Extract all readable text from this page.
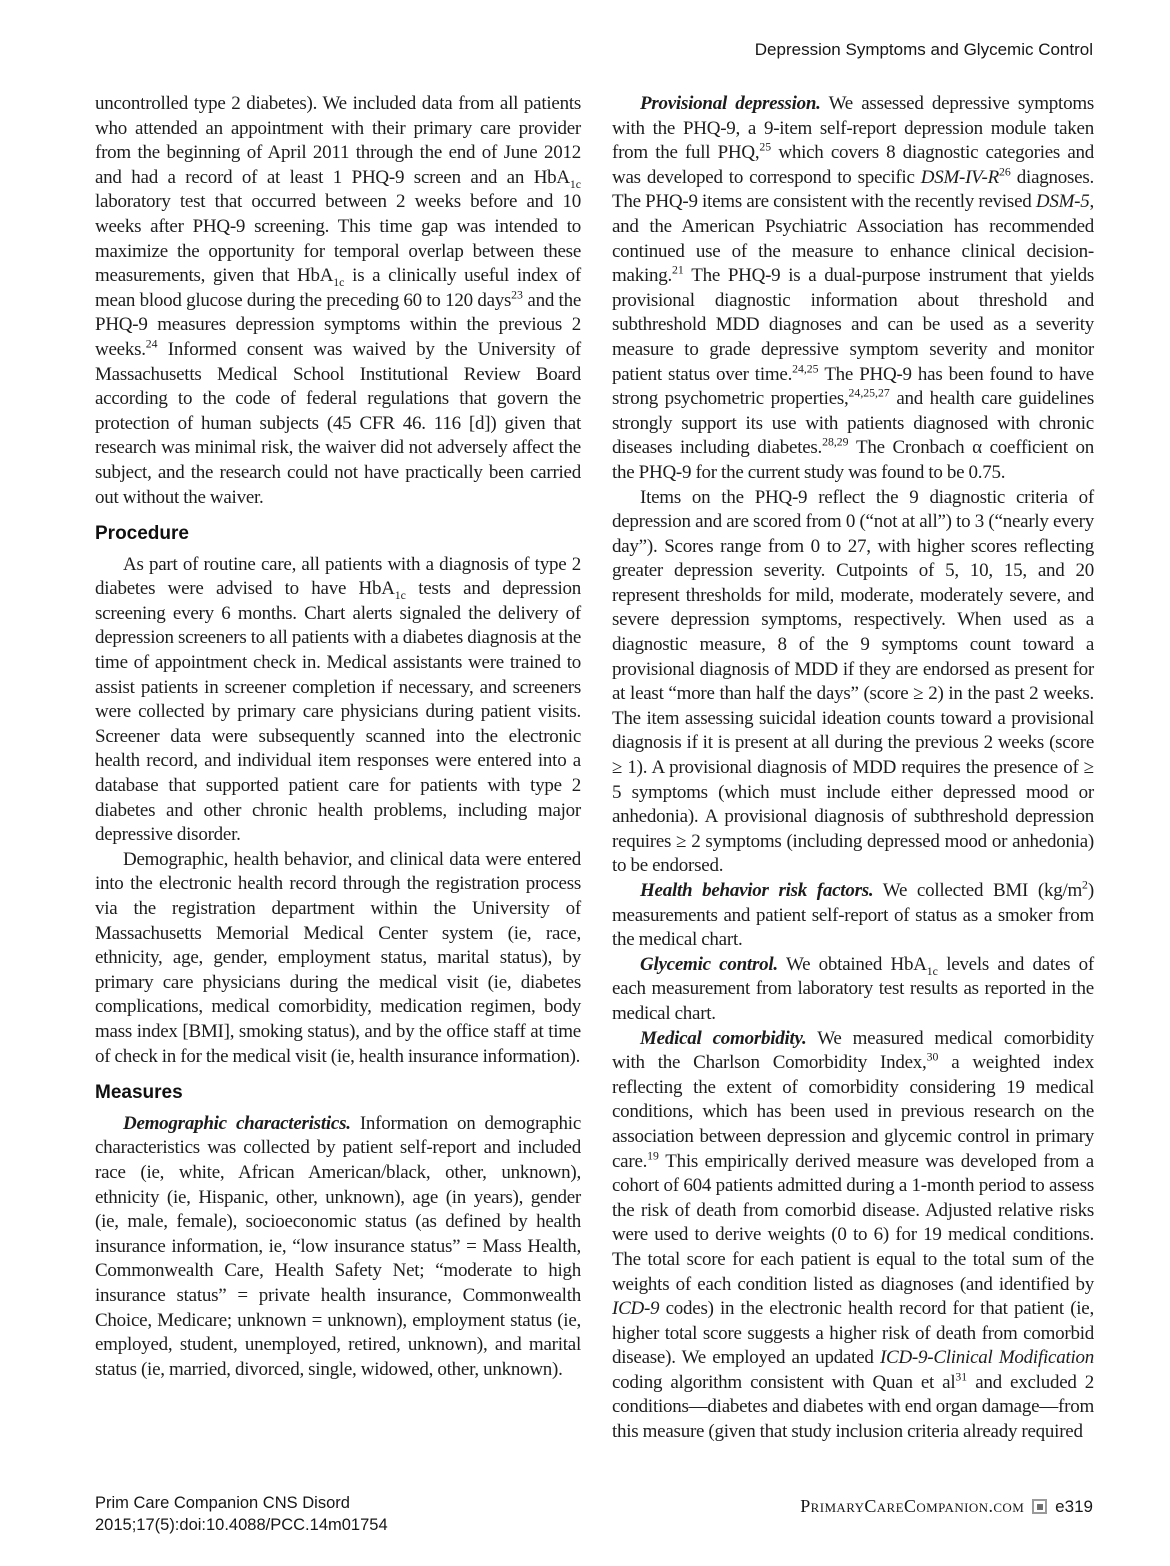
Depression Symptoms and Glycemic Control

uncontrolled type 2 diabetes). We included data from all patients who attended an appointment with their primary care provider from the beginning of April 2011 through the end of June 2012 and had a record of at least 1 PHQ-9 screen and an HbA$_{1c}$ laboratory test that occurred between 2 weeks before and 10 weeks after PHQ-9 screening. This time gap was intended to maximize the opportunity for temporal overlap between these measurements, given that HbA$_{1c}$ is a clinically useful index of mean blood glucose during the preceding 60 to 120 days$^{23}$ and the PHQ-9 measures depression symptoms within the previous 2 weeks.$^{24}$ Informed consent was waived by the University of Massachusetts Medical School Institutional Review Board according to the code of federal regulations that govern the protection of human subjects (45 CFR 46. 116 [d]) given that research was minimal risk, the waiver did not adversely affect the subject, and the research could not have practically been carried out without the waiver.

Procedure

As part of routine care, all patients with a diagnosis of type 2 diabetes were advised to have HbA$_{1c}$ tests and depression screening every 6 months. Chart alerts signaled the delivery of depression screeners to all patients with a diabetes diagnosis at the time of appointment check in. Medical assistants were trained to assist patients in screener completion if necessary, and screeners were collected by primary care physicians during patient visits. Screener data were subsequently scanned into the electronic health record, and individual item responses were entered into a database that supported patient care for patients with type 2 diabetes and other chronic health problems, including major depressive disorder.

Demographic, health behavior, and clinical data were entered into the electronic health record through the registration process via the registration department within the University of Massachusetts Memorial Medical Center system (ie, race, ethnicity, age, gender, employment status, marital status), by primary care physicians during the medical visit (ie, diabetes complications, medical comorbidity, medication regimen, body mass index [BMI], smoking status), and by the office staff at time of check in for the medical visit (ie, health insurance information).

Measures

Demographic characteristics. Information on demographic characteristics was collected by patient self-report and included race (ie, white, African American/black, other, unknown), ethnicity (ie, Hispanic, other, unknown), age (in years), gender (ie, male, female), socioeconomic status (as defined by health insurance information, ie, “low insurance status” = Mass Health, Commonwealth Care, Health Safety Net; “moderate to high insurance status” = private health insurance, Commonwealth Choice, Medicare; unknown = unknown), employment status (ie, employed, student, unemployed, retired, unknown), and marital status (ie, married, divorced, single, widowed, other, unknown).

Provisional depression. We assessed depressive symptoms with the PHQ-9, a 9-item self-report depression module taken from the full PHQ,$^{25}$ which covers 8 diagnostic categories and was developed to correspond to specific DSM-$IV-R^{26}$ diagnoses. The PHQ-9 items are consistent with the recently revised DSM-5, and the American Psychiatric Association has recommended continued use of the measure to enhance clinical decision-making.$^{21}$ The PHQ-9 is a dual-purpose instrument that yields provisional diagnostic information about threshold and subthreshold MDD diagnoses and can be used as a severity measure to grade depressive symptom severity and monitor patient status over time.$^{24,25}$ The PHQ-9 has been found to have strong psychometric properties,$^{24,25,27}$ and health care guidelines strongly support its use with patients diagnosed with chronic diseases including diabetes.$^{28,29}$ The Cronbach α coefficient on the PHQ-9 for the current study was found to be 0.75.

Items on the PHQ-9 reflect the 9 diagnostic criteria of depression and are scored from 0 (“not at all”) to 3 (“nearly every day”). Scores range from 0 to 27, with higher scores reflecting greater depression severity. Cutpoints of 5, 10, 15, and 20 represent thresholds for mild, moderate, moderately severe, and severe depression symptoms, respectively. When used as a diagnostic measure, 8 of the 9 symptoms count toward a provisional diagnosis of MDD if they are endorsed as present for at least “more than half the days” (score ≥ 2) in the past 2 weeks. The item assessing suicidal ideation counts toward a provisional diagnosis if it is present at all during the previous 2 weeks (score ≥ 1). A provisional diagnosis of MDD requires the presence of ≥ 5 symptoms (which must include either depressed mood or anhedonia). A provisional diagnosis of subthreshold depression requires ≥ 2 symptoms (including depressed mood or anhedonia) to be endorsed.

Health behavior risk factors. We collected BMI $(kg/m^2)$ measurements and patient self-report of status as a smoker from the medical chart.

Glycemic control. We obtained HbA$_{1c}$ levels and dates of each measurement from laboratory test results as reported in the medical chart.

Medical comorbidity. We measured medical comorbidity with the Charlson Comorbidity Index,$^{30}$ a weighted index reflecting the extent of comorbidity considering 19 medical conditions, which has been used in previous research on the association between depression and glycemic control in primary care.$^{19}$ This empirically derived measure was developed from a cohort of 604 patients admitted during a 1-month period to assess the risk of death from comorbid disease. Adjusted relative risks were used to derive weights (0 to 6) for 19 medical conditions. The total score for each patient is equal to the total sum of the weights of each condition listed as diagnoses (and identified by ICD-9 codes) in the electronic health record for that patient (ie, higher total score suggests a higher risk of death from comorbid disease). We employed an updated ICD-9-Clinical Modification coding algorithm consistent with Quan et $al^{31}$ and excluded 2 conditions—diabetes and diabetes with end organ damage—from this measure (given that study inclusion criteria already required

Prim Care Companion CNS Disord
2015;17(5):doi:10.4088/PCC.14m01754
PrimaryCareCompanion.com e319
